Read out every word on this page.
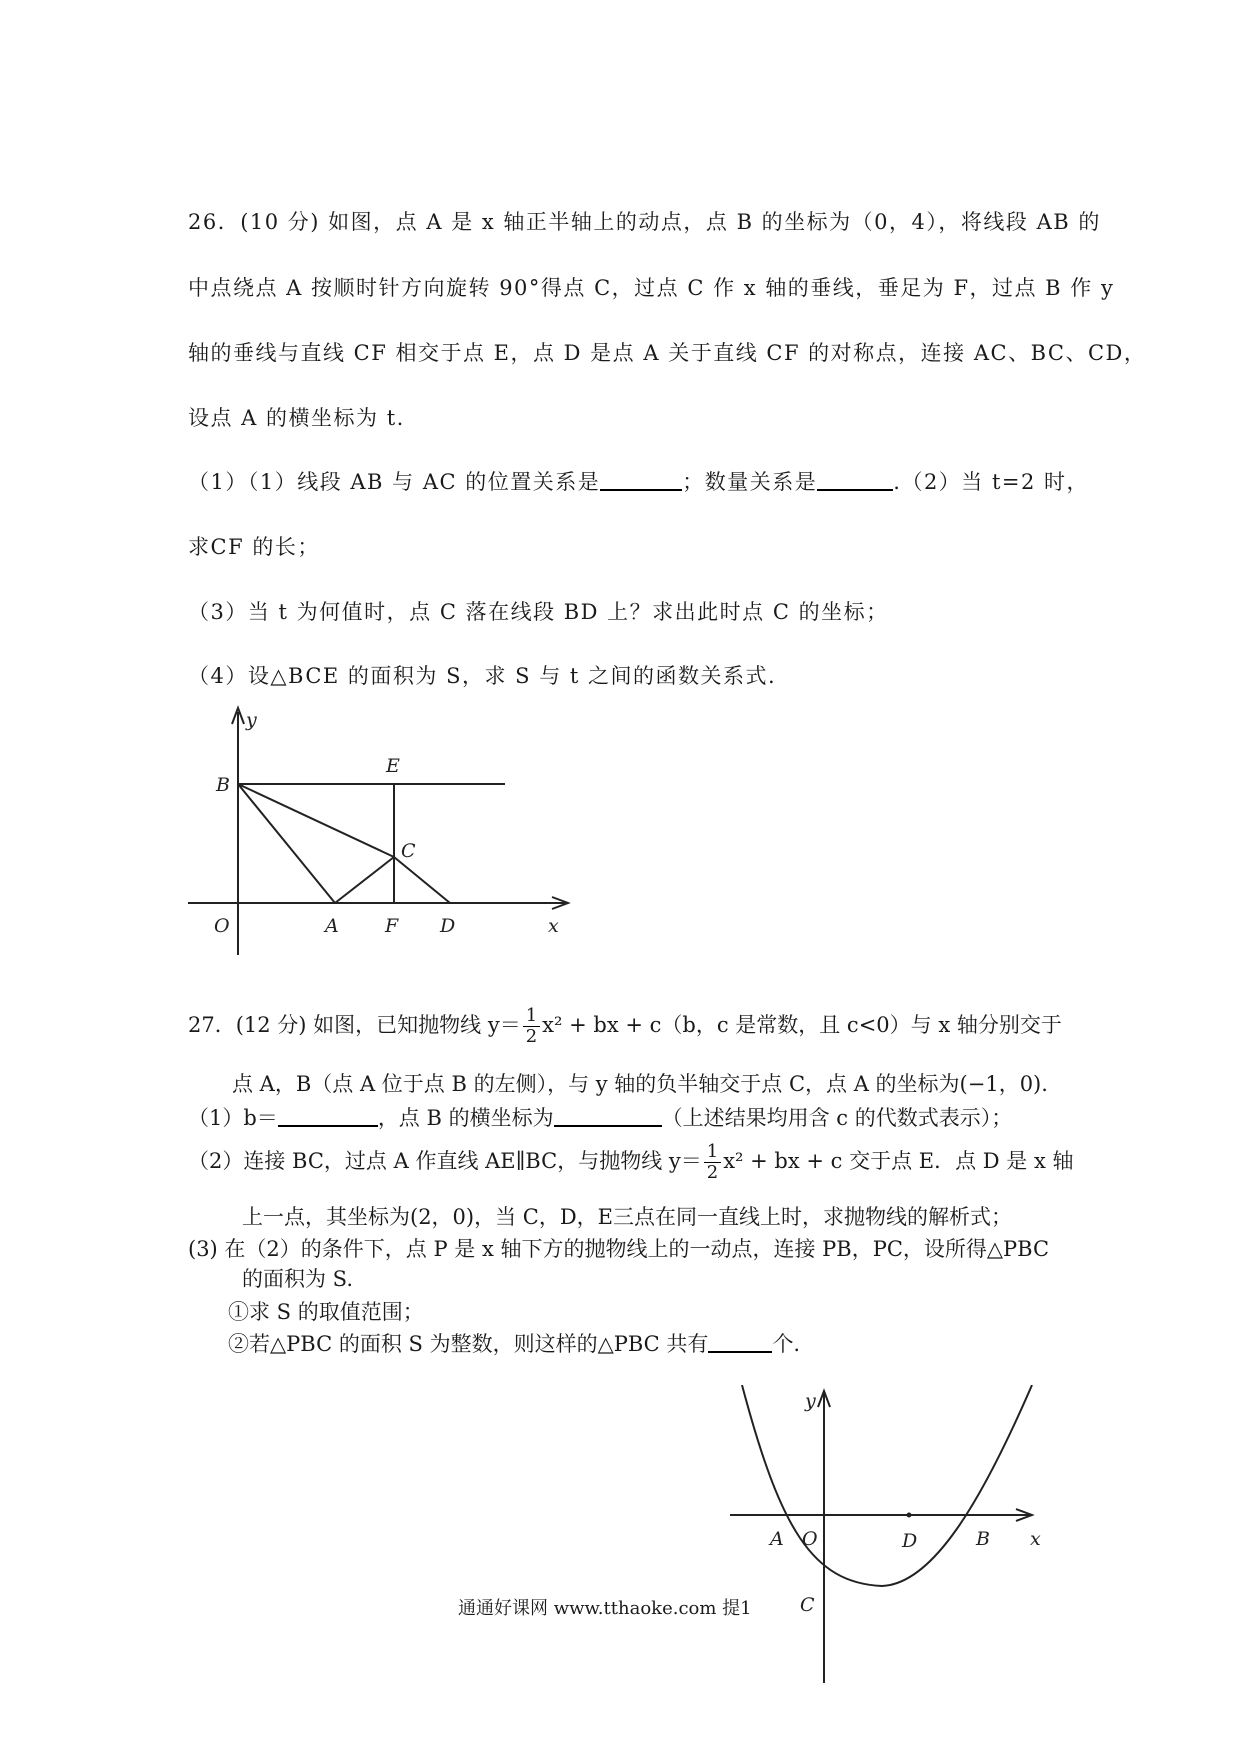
26．(10 分) 如图，点 A 是 x 轴正半轴上的动点，点 B 的坐标为（0，4），将线段 AB 的
中点绕点 A 按顺时针方向旋转 90°得点 C，过点 C 作 x 轴的垂线，垂足为 F，过点 B 作 y
轴的垂线与直线 CF 相交于点 E，点 D 是点 A 关于直线 CF 的对称点，连接 AC、BC、CD，
设点 A 的横坐标为 t.
（1）（1）线段 AB 与 AC 的位置关系是	；数量关系是	.（2）当 t=2 时，
求CF 的长；
（3）当 t 为何值时，点 C 落在线段 BD 上？求出此时点 C 的坐标；
（4）设△BCE 的面积为 S，求 S 与 t 之间的函数关系式.
y
B
E
C
O	A F D	x
27．(12 分) 如图，已知抛物线 $y= \frac{1}{2} x^2$ + bx + c（b，c 是常数，且 c<0）与 x 轴分别交于
点 A，B（点 A 位于点 B 的左侧），与 y 轴的负半轴交于点 C，点 A 的坐标为(−1，0).
（1）b＝	，点 B 的横坐标为	（上述结果均用含 c 的代数式表示）；
（2）连接 BC，过点 A 作直线 AE∥BC，与抛物线 $y= \frac{1}{2} x^2$ + bx + c 交于点 E．点 D 是 x 轴
上一点，其坐标为(2，0)，当 C，D，E三点在同一直线上时，求抛物线的解析式；
(3) 在（2）的条件下，点 P 是 x 轴下方的抛物线上的一动点，连接 PB，PC，设所得△PBC
的面积为 S.
①求 S 的取值范围；
②若△PBC 的面积 S 为整数，则这样的△PBC 共有	个.
y
A O	D	B x
C
通通好课网 www.tthaoke.com 提1
